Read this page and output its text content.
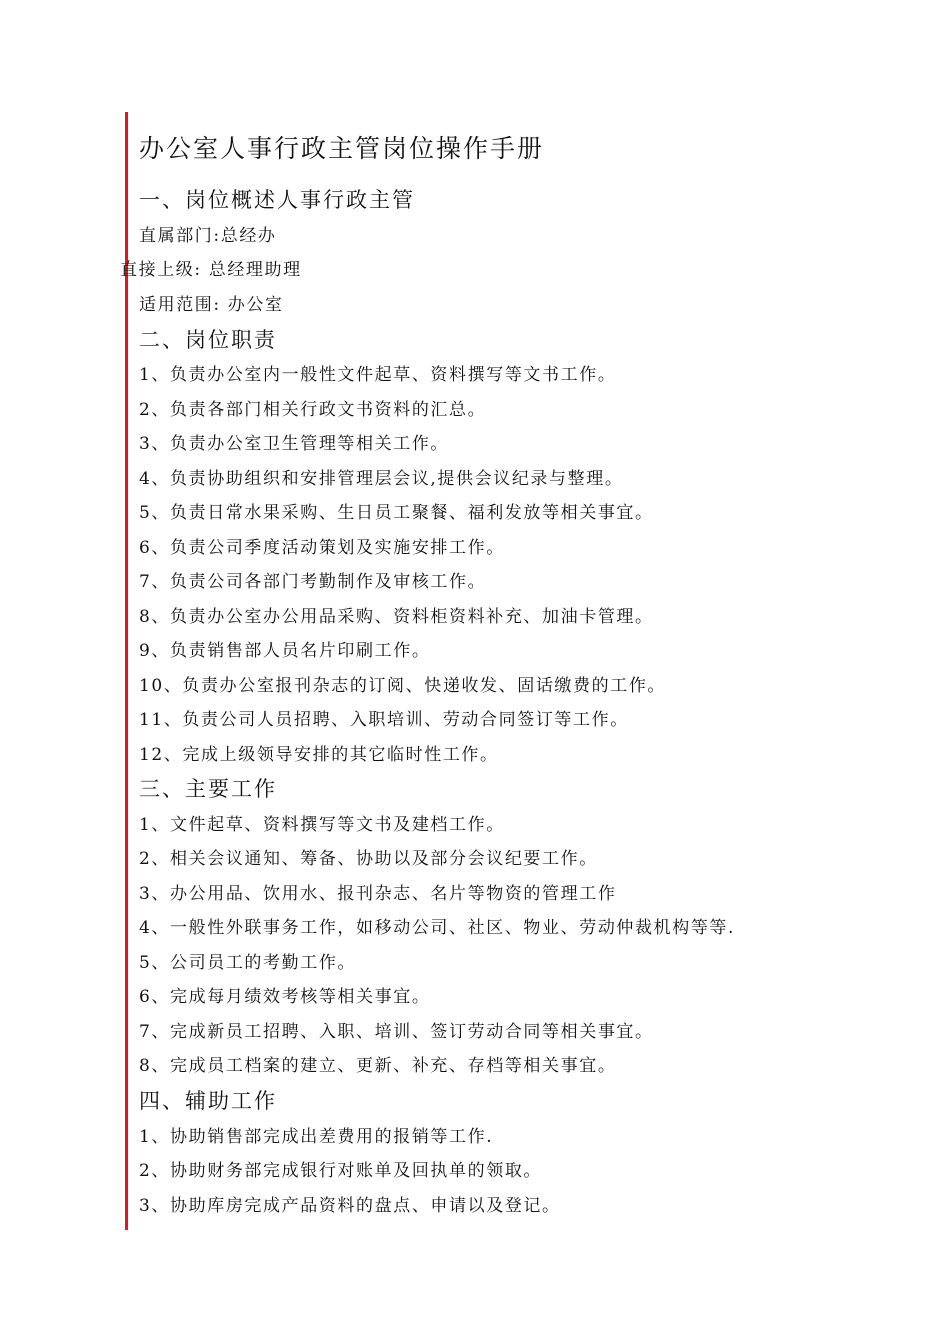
办公室人事行政主管岗位操作手册
一、岗位概述人事行政主管
直属部门:总经办
直接上级: 总经理助理
适用范围: 办公室
二、岗位职责
1、负责办公室内一般性文件起草、资料撰写等文书工作。
2、负责各部门相关行政文书资料的汇总。
3、负责办公室卫生管理等相关工作。
4、负责协助组织和安排管理层会议,提供会议纪录与整理。
5、负责日常水果采购、生日员工聚餐、福利发放等相关事宜。
6、负责公司季度活动策划及实施安排工作。
7、负责公司各部门考勤制作及审核工作。
8、负责办公室办公用品采购、资料柜资料补充、加油卡管理。
9、负责销售部人员名片印刷工作。
10、负责办公室报刊杂志的订阅、快递收发、固话缴费的工作。
11、负责公司人员招聘、入职培训、劳动合同签订等工作。
12、完成上级领导安排的其它临时性工作。
三、主要工作
1、文件起草、资料撰写等文书及建档工作。
2、相关会议通知、筹备、协助以及部分会议纪要工作。
3、办公用品、饮用水、报刊杂志、名片等物资的管理工作
4、一般性外联事务工作，如移动公司、社区、物业、劳动仲裁机构等等.
5、公司员工的考勤工作。
6、完成每月绩效考核等相关事宜。
7、完成新员工招聘、入职、培训、签订劳动合同等相关事宜。
8、完成员工档案的建立、更新、补充、存档等相关事宜。
四、辅助工作
1、协助销售部完成出差费用的报销等工作.
2、协助财务部完成银行对账单及回执单的领取。
3、协助库房完成产品资料的盘点、申请以及登记。
